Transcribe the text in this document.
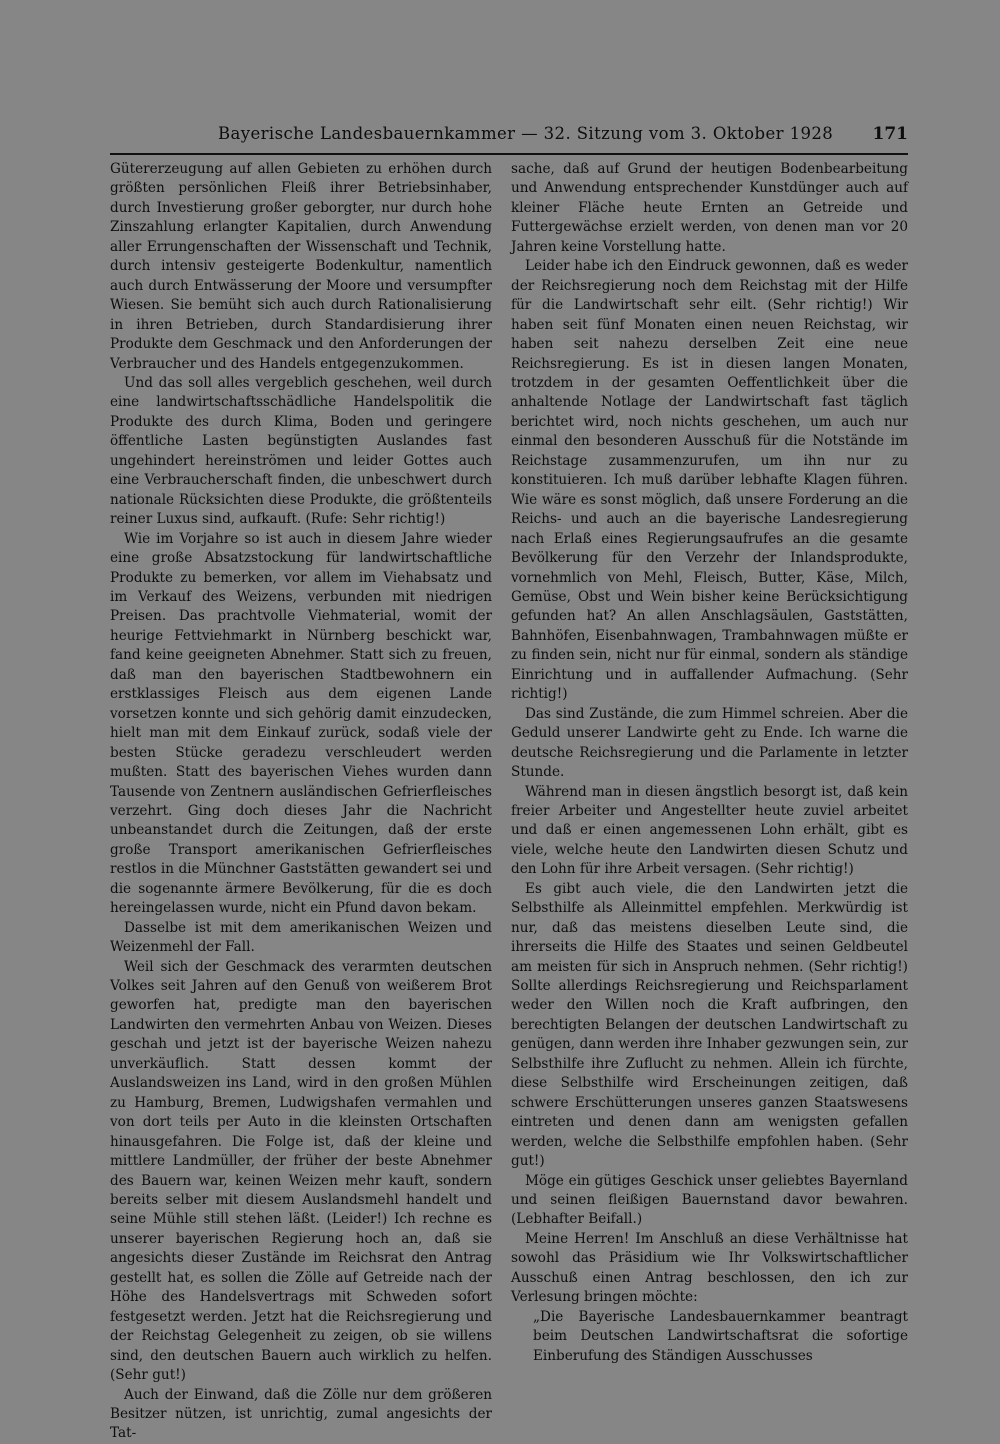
Bayerische Landesbauernkammer — 32. Sitzung vom 3. Oktober 1928 171

Gütererzeugung auf allen Gebieten zu erhöhen durch größten persönlichen Fleiß ihrer Betriebsinhaber, durch Investierung großer geborgter, nur durch hohe Zinszahlung erlangter Kapitalien, durch Anwendung aller Errungenschaften der Wissenschaft und Technik, durch intensiv gesteigerte Bodenkultur, namentlich auch durch Entwässerung der Moore und versumpfter Wiesen. Sie bemüht sich auch durch Rationalisierung in ihren Betrieben, durch Standardisierung ihrer Produkte dem Geschmack und den Anforderungen der Verbraucher und des Handels entgegenzukommen.

Und das soll alles vergeblich geschehen, weil durch eine landwirtschaftsschädliche Handelspolitik die Produkte des durch Klima, Boden und geringere öffentliche Lasten begünstigten Auslandes fast ungehindert hereinströmen und leider Gottes auch eine Verbraucherschaft finden, die unbeschwert durch nationale Rücksichten diese Produkte, die größtenteils reiner Luxus sind, aufkauft. (Rufe: Sehr richtig!)

Wie im Vorjahre so ist auch in diesem Jahre wieder eine große Absatzstockung für landwirtschaftliche Produkte zu bemerken, vor allem im Viehabsatz und im Verkauf des Weizens, verbunden mit niedrigen Preisen. Das prachtvolle Viehmaterial, womit der heurige Fettviehmarkt in Nürnberg beschickt war, fand keine geeigneten Abnehmer. Statt sich zu freuen, daß man den bayerischen Stadtbewohnern ein erstklassiges Fleisch aus dem eigenen Lande vorsetzen konnte und sich gehörig damit einzudecken, hielt man mit dem Einkauf zurück, sodaß viele der besten Stücke geradezu verschleudert werden mußten. Statt des bayerischen Viehes wurden dann Tausende von Zentnern ausländischen Gefrierfleisches verzehrt. Ging doch dieses Jahr die Nachricht unbeanstandet durch die Zeitungen, daß der erste große Transport amerikanischen Gefrierfleisches restlos in die Münchner Gaststätten gewandert sei und die sogenannte ärmere Bevölkerung, für die es doch hereingelassen wurde, nicht ein Pfund davon bekam.

Dasselbe ist mit dem amerikanischen Weizen und Weizenmehl der Fall.

Weil sich der Geschmack des verarmten deutschen Volkes seit Jahren auf den Genuß von weißerem Brot geworfen hat, predigte man den bayerischen Landwirten den vermehrten Anbau von Weizen. Dieses geschah und jetzt ist der bayerische Weizen nahezu unverkäuflich. Statt dessen kommt der Auslandsweizen ins Land, wird in den großen Mühlen zu Hamburg, Bremen, Ludwigshafen vermahlen und von dort teils per Auto in die kleinsten Ortschaften hinausgefahren. Die Folge ist, daß der kleine und mittlere Landmüller, der früher der beste Abnehmer des Bauern war, keinen Weizen mehr kauft, sondern bereits selber mit diesem Auslandsmehl handelt und seine Mühle still stehen läßt. (Leider!) Ich rechne es unserer bayerischen Regierung hoch an, daß sie angesichts dieser Zustände im Reichsrat den Antrag gestellt hat, es sollen die Zölle auf Getreide nach der Höhe des Handelsvertrags mit Schweden sofort festgesetzt werden. Jetzt hat die Reichsregierung und der Reichstag Gelegenheit zu zeigen, ob sie willens sind, den deutschen Bauern auch wirklich zu helfen. (Sehr gut!)

Auch der Einwand, daß die Zölle nur dem größeren Besitzer nützen, ist unrichtig, zumal angesichts der Tat-

sache, daß auf Grund der heutigen Bodenbearbeitung und Anwendung entsprechender Kunstdünger auch auf kleiner Fläche heute Ernten an Getreide und Futtergewächse erzielt werden, von denen man vor 20 Jahren keine Vorstellung hatte.

Leider habe ich den Eindruck gewonnen, daß es weder der Reichsregierung noch dem Reichstag mit der Hilfe für die Landwirtschaft sehr eilt. (Sehr richtig!) Wir haben seit fünf Monaten einen neuen Reichstag, wir haben seit nahezu derselben Zeit eine neue Reichsregierung. Es ist in diesen langen Monaten, trotzdem in der gesamten Oeffentlichkeit über die anhaltende Notlage der Landwirtschaft fast täglich berichtet wird, noch nichts geschehen, um auch nur einmal den besonderen Ausschuß für die Notstände im Reichstage zusammenzurufen, um ihn nur zu konstituieren. Ich muß darüber lebhafte Klagen führen. Wie wäre es sonst möglich, daß unsere Forderung an die Reichs- und auch an die bayerische Landesregierung nach Erlaß eines Regierungsaufrufes an die gesamte Bevölkerung für den Verzehr der Inlandsprodukte, vornehmlich von Mehl, Fleisch, Butter, Käse, Milch, Gemüse, Obst und Wein bisher keine Berücksichtigung gefunden hat? An allen Anschlagsäulen, Gaststätten, Bahnhöfen, Eisenbahnwagen, Trambahnwagen müßte er zu finden sein, nicht nur für einmal, sondern als ständige Einrichtung und in auffallender Aufmachung. (Sehr richtig!)

Das sind Zustände, die zum Himmel schreien. Aber die Geduld unserer Landwirte geht zu Ende. Ich warne die deutsche Reichsregierung und die Parlamente in letzter Stunde.

Während man in diesen ängstlich besorgt ist, daß kein freier Arbeiter und Angestellter heute zuviel arbeitet und daß er einen angemessenen Lohn erhält, gibt es viele, welche heute den Landwirten diesen Schutz und den Lohn für ihre Arbeit versagen. (Sehr richtig!)

Es gibt auch viele, die den Landwirten jetzt die Selbsthilfe als Alleinmittel empfehlen. Merkwürdig ist nur, daß das meistens dieselben Leute sind, die ihrerseits die Hilfe des Staates und seinen Geldbeutel am meisten für sich in Anspruch nehmen. (Sehr richtig!) Sollte allerdings Reichsregierung und Reichsparlament weder den Willen noch die Kraft aufbringen, den berechtigten Belangen der deutschen Landwirtschaft zu genügen, dann werden ihre Inhaber gezwungen sein, zur Selbsthilfe ihre Zuflucht zu nehmen. Allein ich fürchte, diese Selbsthilfe wird Erscheinungen zeitigen, daß schwere Erschütterungen unseres ganzen Staatswesens eintreten und denen dann am wenigsten gefallen werden, welche die Selbsthilfe empfohlen haben. (Sehr gut!)

Möge ein gütiges Geschick unser geliebtes Bayernland und seinen fleißigen Bauernstand davor bewahren. (Lebhafter Beifall.)

Meine Herren! Im Anschluß an diese Verhältnisse hat sowohl das Präsidium wie Ihr Volkswirtschaftlicher Ausschuß einen Antrag beschlossen, den ich zur Verlesung bringen möchte:

„Die Bayerische Landesbauernkammer beantragt beim Deutschen Landwirtschaftsrat die sofortige Einberufung des Ständigen Ausschusses
